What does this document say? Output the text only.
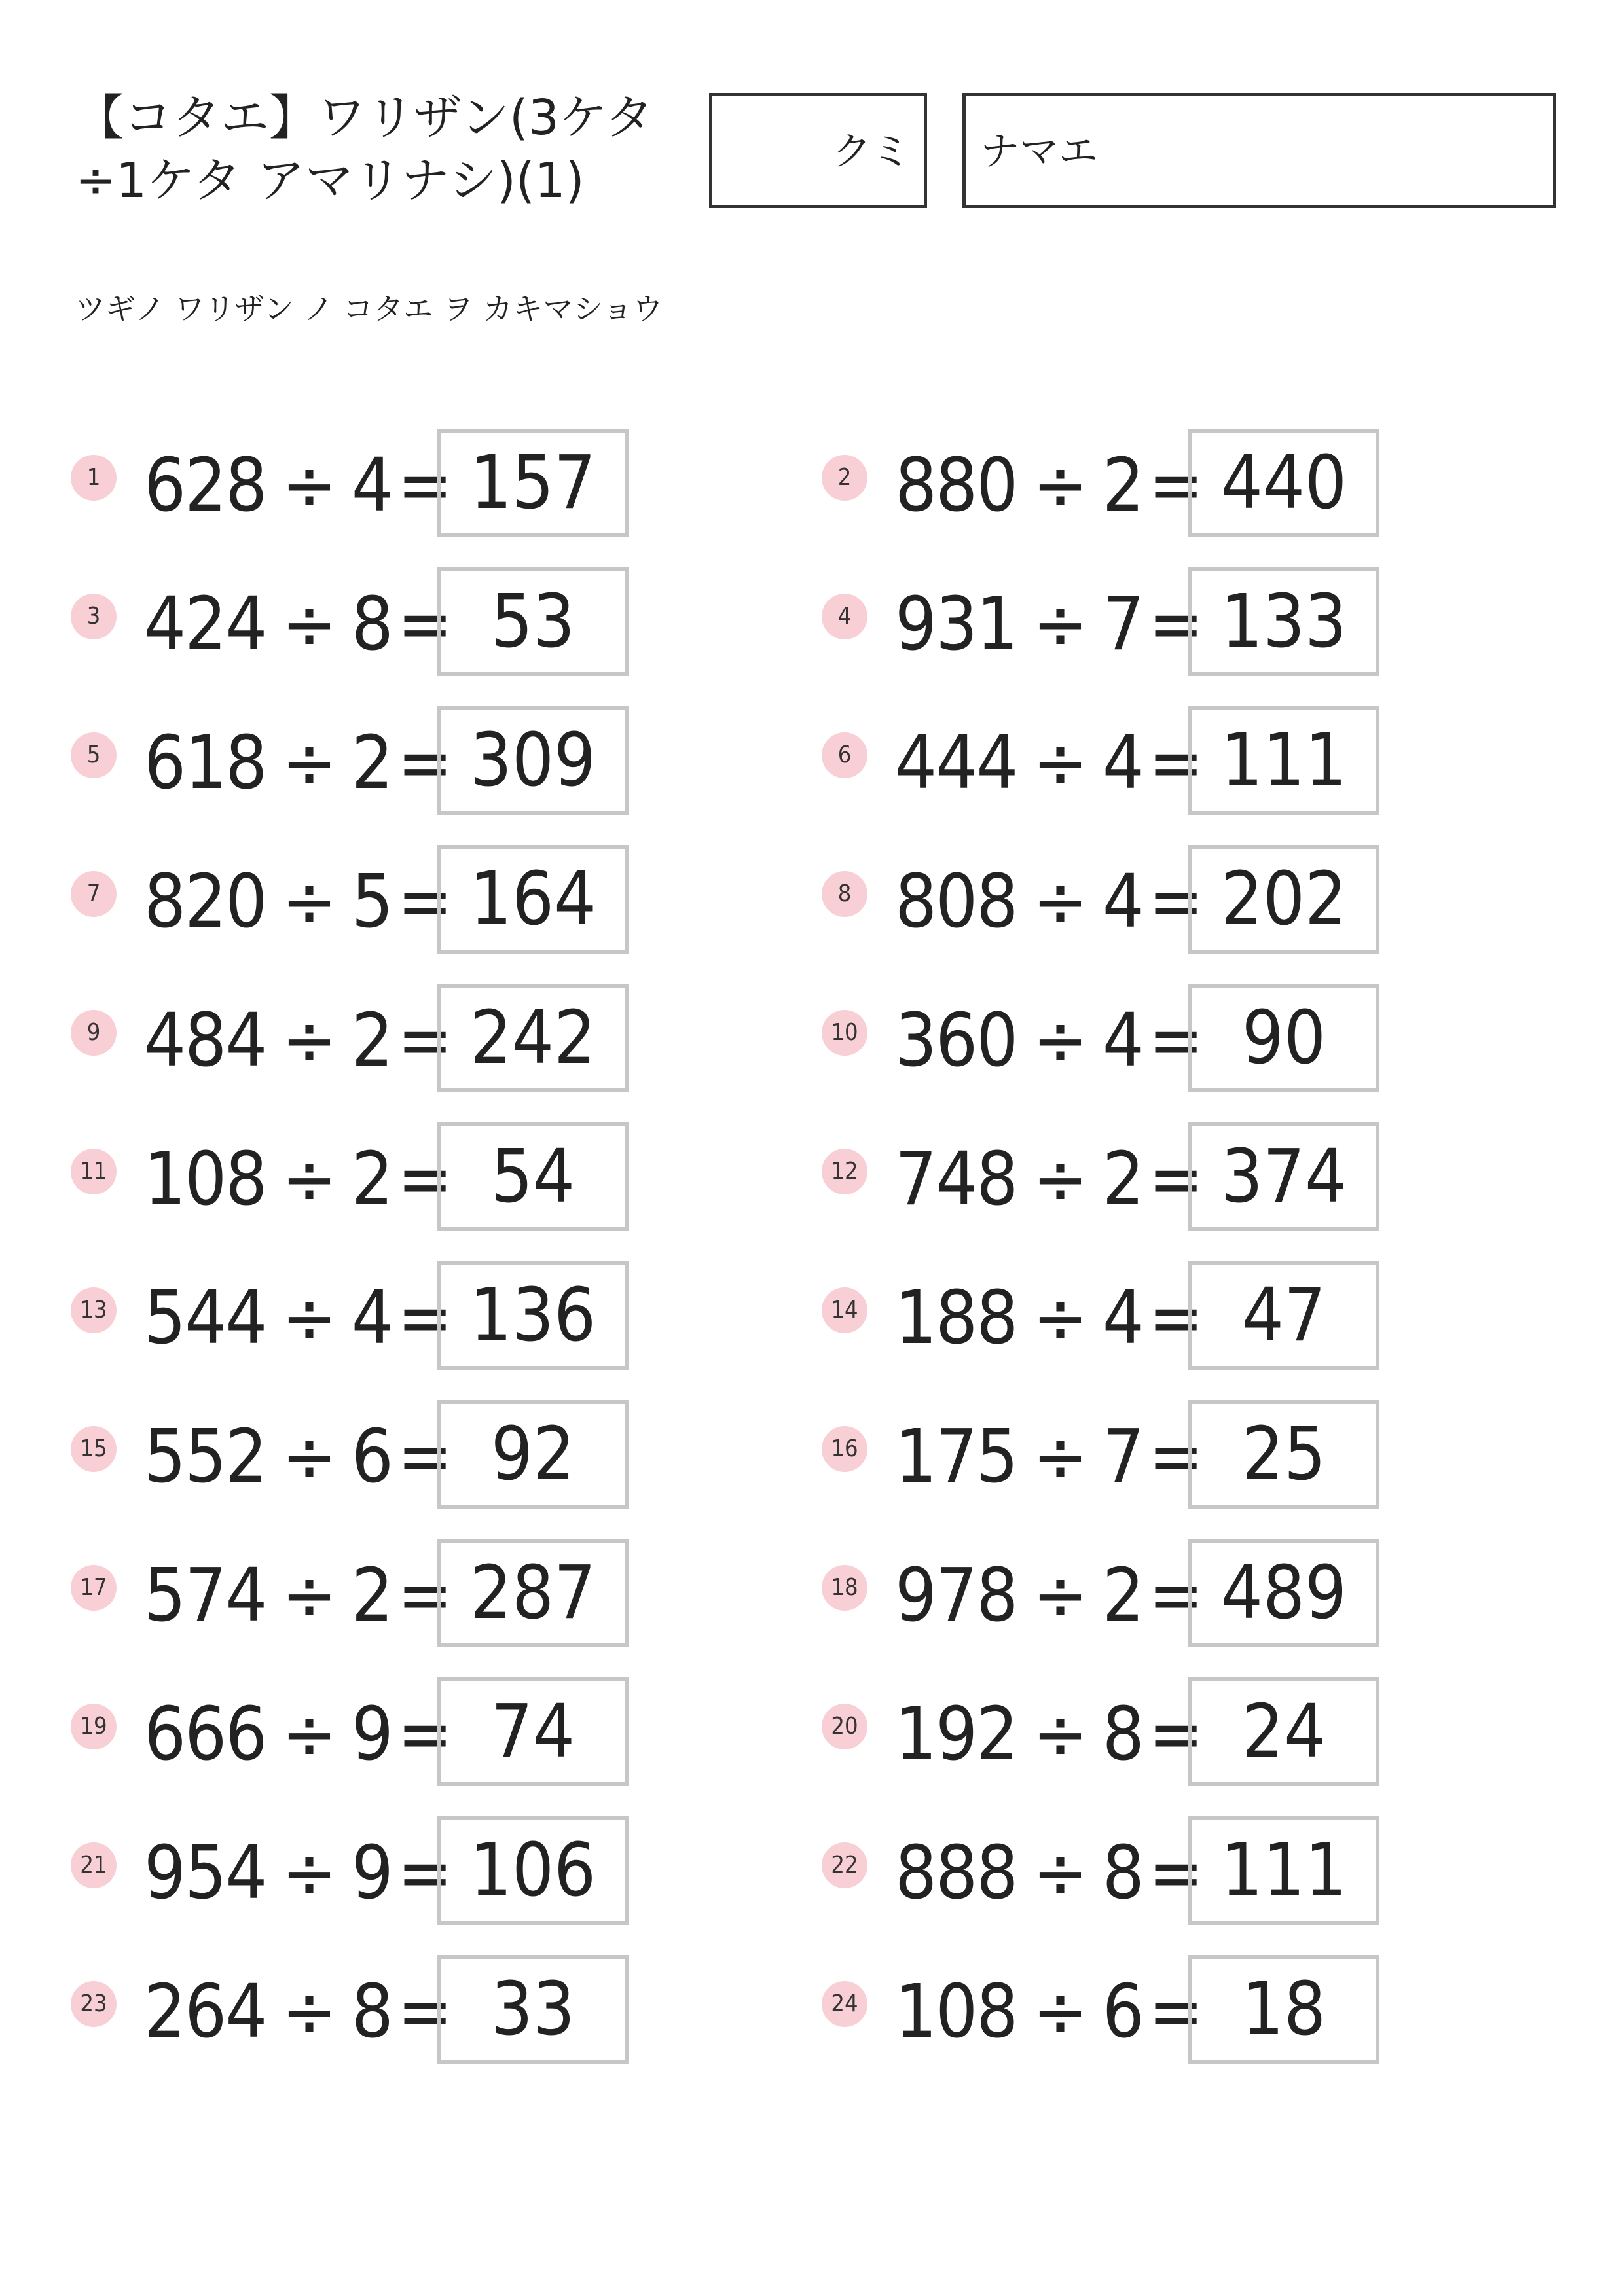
【コタエ】ワリザン(3ケタ÷1ケタ アマリナシ)(1)
ツギノ ワリザン ノ コタエ ヲ カキマショウ
クミ ナマエ
1 628 ÷ 4= 157	2 880 ÷ 2= 440
3 424 ÷ 8= 53	4 931 ÷ 7= 133
5 618 ÷ 2= 309	6 444 ÷ 4= 111
7 820 ÷ 5= 164	8 808 ÷ 4= 202
9 484 ÷ 2= 242	10 360 ÷ 4= 90
11 108 ÷ 2= 54	12 748 ÷ 2= 374
13 544 ÷ 4= 136	14 188 ÷ 4= 47
15 552 ÷ 6= 92	16 175 ÷ 7= 25
17 574 ÷ 2= 287	18 978 ÷ 2= 489
19 666 ÷ 9= 74	20 192 ÷ 8= 24
21 954 ÷ 9= 106	22 888 ÷ 8= 111
23 264 ÷ 8= 33	24 108 ÷ 6= 18
